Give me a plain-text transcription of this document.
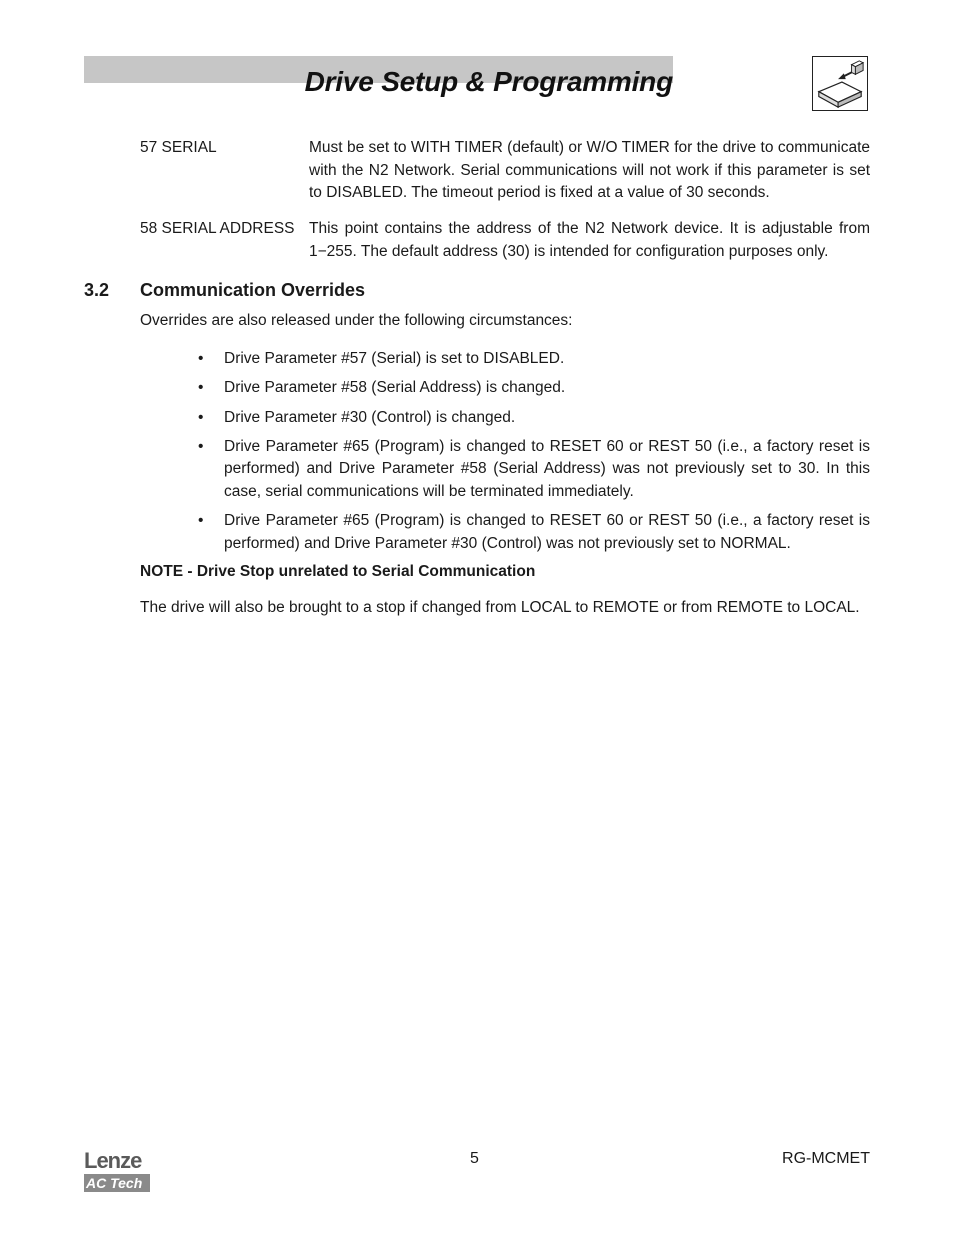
Drive Setup & Programming
57 SERIAL	Must be set to WITH TIMER (default) or W/O TIMER for the drive to communicate with the N2 Network. Serial communications will not work if this parameter is set to DISABLED. The timeout period is fixed at a value of 30 seconds.
58 SERIAL ADDRESS This point contains the address of the N2 Network device. It is adjustable from 1−255. The default address (30) is intended for configuration purposes only.
3.2 Communication Overrides
Overrides are also released under the following circumstances:
• Drive Parameter #57 (Serial) is set to DISABLED.
• Drive Parameter #58 (Serial Address) is changed.
• Drive Parameter #30 (Control) is changed.
• Drive Parameter #65 (Program) is changed to RESET 60 or REST 50 (i.e., a factory reset is performed) and Drive Parameter #58 (Serial Address) was not previously set to 30. In this case, serial communications will be terminated immediately.
• Drive Parameter #65 (Program) is changed to RESET 60 or REST 50 (i.e., a factory reset is performed) and Drive Parameter #30 (Control) was not previously set to NORMAL.
NOTE - Drive Stop unrelated to Serial Communication
The drive will also be brought to a stop if changed from LOCAL to REMOTE or from REMOTE to LOCAL.
Lenze
AC Tech
5	RG-MCMET
